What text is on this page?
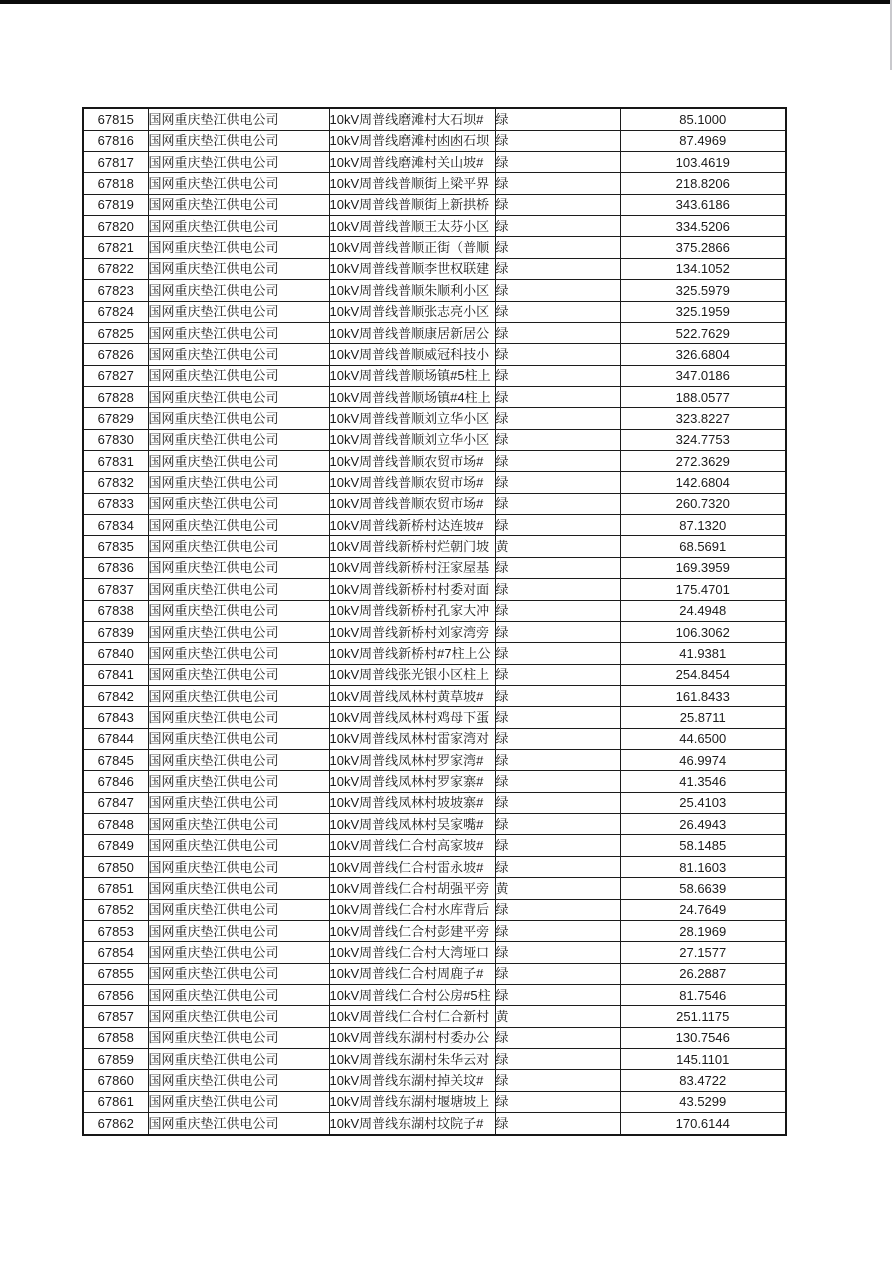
67815	国网重庆垫江供电公司	10kV周普线磨滩村大石坝#	绿	85.1000
67816	国网重庆垫江供电公司	10kV周普线磨滩村凼凼石坝	绿	87.4969
67817	国网重庆垫江供电公司	10kV周普线磨滩村关山坡#	绿	103.4619
67818	国网重庆垫江供电公司	10kV周普线普顺街上梁平界	绿	218.8206
67819	国网重庆垫江供电公司	10kV周普线普顺街上新拱桥	绿	343.6186
67820	国网重庆垫江供电公司	10kV周普线普顺王太芬小区	绿	334.5206
67821	国网重庆垫江供电公司	10kV周普线普顺正街（普顺	绿	375.2866
67822	国网重庆垫江供电公司	10kV周普线普顺李世权联建	绿	134.1052
67823	国网重庆垫江供电公司	10kV周普线普顺朱顺利小区	绿	325.5979
67824	国网重庆垫江供电公司	10kV周普线普顺张志亮小区	绿	325.1959
67825	国网重庆垫江供电公司	10kV周普线普顺康居新居公	绿	522.7629
67826	国网重庆垫江供电公司	10kV周普线普顺威冠科技小	绿	326.6804
67827	国网重庆垫江供电公司	10kV周普线普顺场镇#5柱上	绿	347.0186
67828	国网重庆垫江供电公司	10kV周普线普顺场镇#4柱上	绿	188.0577
67829	国网重庆垫江供电公司	10kV周普线普顺刘立华小区	绿	323.8227
67830	国网重庆垫江供电公司	10kV周普线普顺刘立华小区	绿	324.7753
67831	国网重庆垫江供电公司	10kV周普线普顺农贸市场#	绿	272.3629
67832	国网重庆垫江供电公司	10kV周普线普顺农贸市场#	绿	142.6804
67833	国网重庆垫江供电公司	10kV周普线普顺农贸市场#	绿	260.7320
67834	国网重庆垫江供电公司	10kV周普线新桥村达连坡#	绿	87.1320
67835	国网重庆垫江供电公司	10kV周普线新桥村烂朝门坡	黄	68.5691
67836	国网重庆垫江供电公司	10kV周普线新桥村汪家屋基	绿	169.3959
67837	国网重庆垫江供电公司	10kV周普线新桥村村委对面	绿	175.4701
67838	国网重庆垫江供电公司	10kV周普线新桥村孔家大冲	绿	24.4948
67839	国网重庆垫江供电公司	10kV周普线新桥村刘家湾旁	绿	106.3062
67840	国网重庆垫江供电公司	10kV周普线新桥村#7柱上公	绿	41.9381
67841	国网重庆垫江供电公司	10kV周普线张光银小区柱上	绿	254.8454
67842	国网重庆垫江供电公司	10kV周普线凤林村黄草坡#	绿	161.8433
67843	国网重庆垫江供电公司	10kV周普线凤林村鸡母下蛋	绿	25.8711
67844	国网重庆垫江供电公司	10kV周普线凤林村雷家湾对	绿	44.6500
67845	国网重庆垫江供电公司	10kV周普线凤林村罗家湾#	绿	46.9974
67846	国网重庆垫江供电公司	10kV周普线凤林村罗家寨#	绿	41.3546
67847	国网重庆垫江供电公司	10kV周普线凤林村坡坡寨#	绿	25.4103
67848	国网重庆垫江供电公司	10kV周普线凤林村吴家嘴#	绿	26.4943
67849	国网重庆垫江供电公司	10kV周普线仁合村高家坡#	绿	58.1485
67850	国网重庆垫江供电公司	10kV周普线仁合村雷永坡#	绿	81.1603
67851	国网重庆垫江供电公司	10kV周普线仁合村胡强平旁	黄	58.6639
67852	国网重庆垫江供电公司	10kV周普线仁合村水库背后	绿	24.7649
67853	国网重庆垫江供电公司	10kV周普线仁合村彭建平旁	绿	28.1969
67854	国网重庆垫江供电公司	10kV周普线仁合村大湾垭口	绿	27.1577
67855	国网重庆垫江供电公司	10kV周普线仁合村周鹿子#	绿	26.2887
67856	国网重庆垫江供电公司	10kV周普线仁合村公房#5柱	绿	81.7546
67857	国网重庆垫江供电公司	10kV周普线仁合村仁合新村	黄	251.1175
67858	国网重庆垫江供电公司	10kV周普线东湖村村委办公	绿	130.7546
67859	国网重庆垫江供电公司	10kV周普线东湖村朱华云对	绿	145.1101
67860	国网重庆垫江供电公司	10kV周普线东湖村掉关坟#	绿	83.4722
67861	国网重庆垫江供电公司	10kV周普线东湖村堰塘坡上	绿	43.5299
67862	国网重庆垫江供电公司	10kV周普线东湖村坟院子#	绿	170.6144
